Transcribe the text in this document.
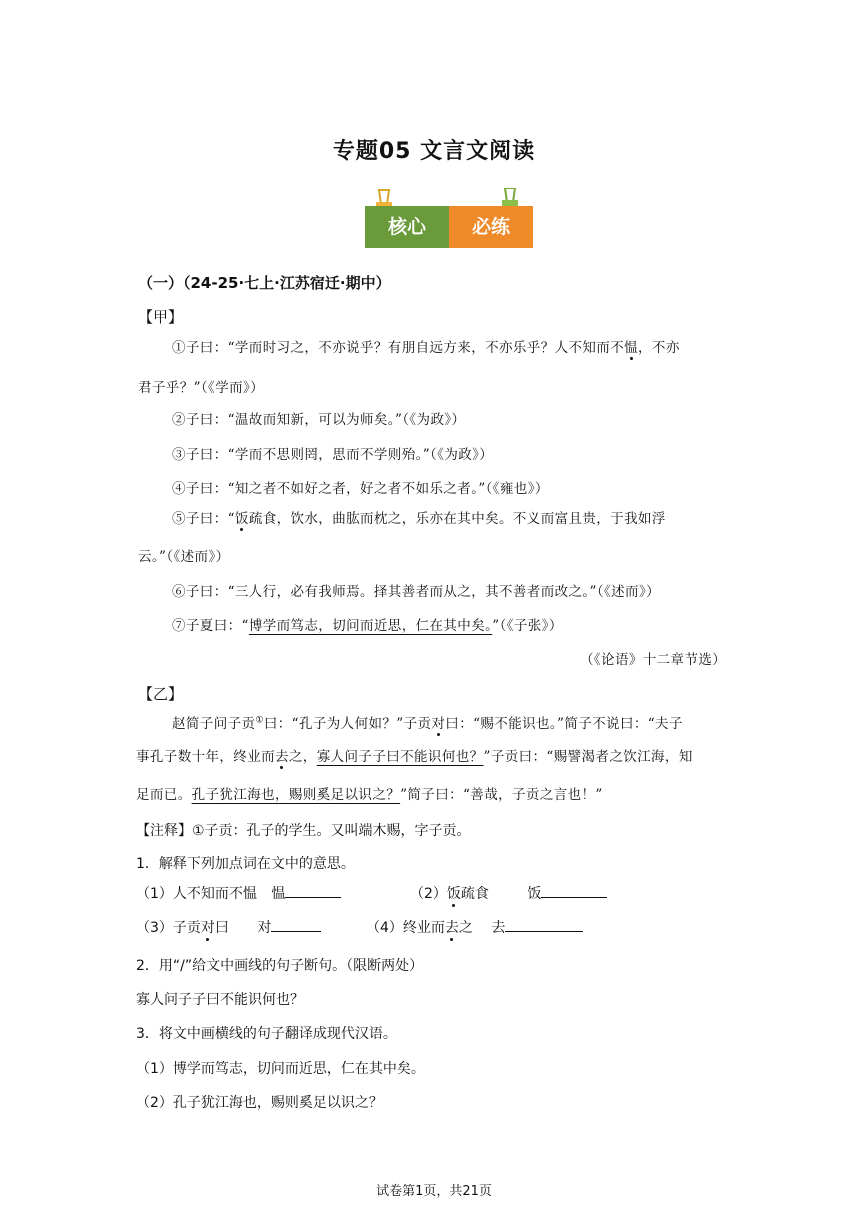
专题05 文言文阅读
核心	必练
（一）（24-25·七上·江苏宿迁·期中）
【甲】
①子曰：“学而时习之，不亦说乎？有朋自远方来，不亦乐乎？人不知而不愠，不亦
君子乎？”（《学而》）
②子曰：“温故而知新，可以为师矣。”（《为政》）
③子曰：“学而不思则罔，思而不学则殆。”（《为政》）
④子曰：“知之者不如好之者，好之者不如乐之者。”（《雍也》）
⑤子曰：“饭疏食，饮水，曲肱而枕之，乐亦在其中矣。不义而富且贵，于我如浮
云。”（《述而》）
⑥子曰：“三人行，必有我师焉。择其善者而从之，其不善者而改之。”（《述而》）
⑦子夏曰：“博学而笃志，切问而近思，仁在其中矣。”（《子张》）
（《论语》十二章节选）
【乙】
赵简子问子贡①曰：“孔子为人何如？”子贡对曰：“赐不能识也。”简子不说曰：“夫子
事孔子数十年，终业而去之，寡人问子子曰不能识何也？”子贡曰：“赐譬渴者之饮江海，知
足而已。孔子犹江海也，赐则奚足以识之？”简子曰：“善哉，子贡之言也！”
【注释】①子贡：孔子的学生。又叫端木赐，字子贡。
1．解释下列加点词在文中的意思。
（1）人不知而不愠 愠	（2）饭疏食	饭
（3）子贡对曰 对	（4）终业而去之 去
2．用“/”给文中画线的句子断句。（限断两处）
寡人问子子曰不能识何也？
3．将文中画横线的句子翻译成现代汉语。
（1）博学而笃志，切问而近思，仁在其中矣。
（2）孔子犹江海也，赐则奚足以识之？
试卷第1页，共21页
